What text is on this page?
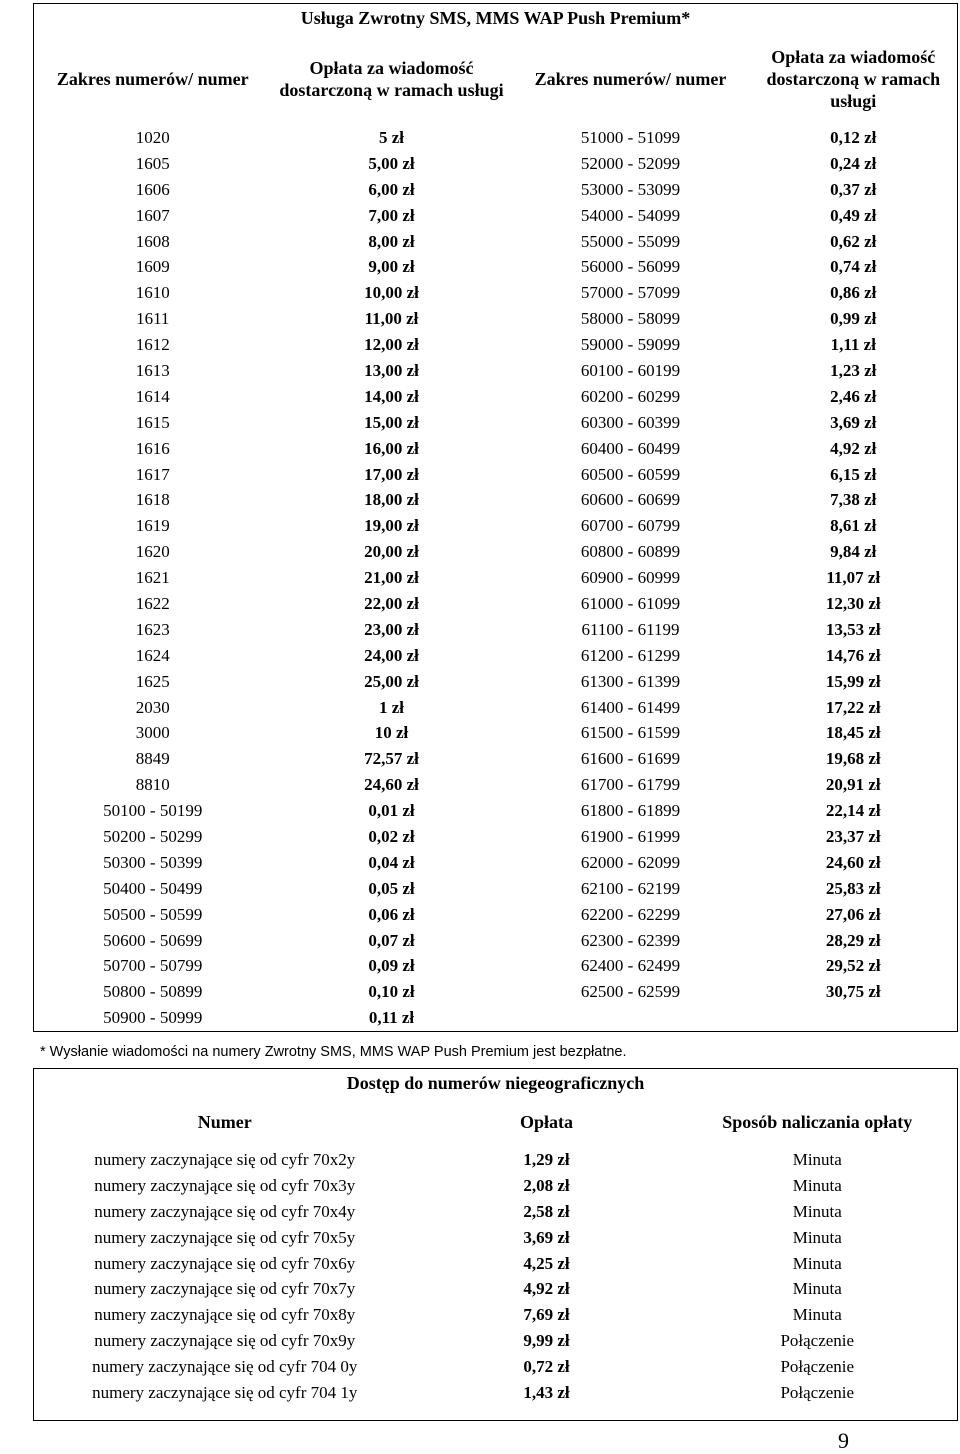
Usługa Zwrotny SMS, MMS WAP Push Premium*			
Zakres numerów/ numer	Opłata za wiadomość dostarczoną w ramach usługi	Zakres numerów/ numer	Opłata za wiadomość dostarczoną w ramach usługi
1020	5 zł	51000 - 51099	0,12 zł
1605	5,00 zł	52000 - 52099	0,24 zł
1606	6,00 zł	53000 - 53099	0,37 zł
1607	7,00 zł	54000 - 54099	0,49 zł
1608	8,00 zł	55000 - 55099	0,62 zł
1609	9,00 zł	56000 - 56099	0,74 zł
1610	10,00 zł	57000 - 57099	0,86 zł
1611	11,00 zł	58000 - 58099	0,99 zł
1612	12,00 zł	59000 - 59099	1,11 zł
1613	13,00 zł	60100 - 60199	1,23 zł
1614	14,00 zł	60200 - 60299	2,46 zł
1615	15,00 zł	60300 - 60399	3,69 zł
1616	16,00 zł	60400 - 60499	4,92 zł
1617	17,00 zł	60500 - 60599	6,15 zł
1618	18,00 zł	60600 - 60699	7,38 zł
1619	19,00 zł	60700 - 60799	8,61 zł
1620	20,00 zł	60800 - 60899	9,84 zł
1621	21,00 zł	60900 - 60999	11,07 zł
1622	22,00 zł	61000 - 61099	12,30 zł
1623	23,00 zł	61100 - 61199	13,53 zł
1624	24,00 zł	61200 - 61299	14,76 zł
1625	25,00 zł	61300 - 61399	15,99 zł
2030	1 zł	61400 - 61499	17,22 zł
3000	10 zł	61500 - 61599	18,45 zł
8849	72,57 zł	61600 - 61699	19,68 zł
8810	24,60 zł	61700 - 61799	20,91 zł
50100 - 50199	0,01 zł	61800 - 61899	22,14 zł
50200 - 50299	0,02 zł	61900 - 61999	23,37 zł
50300 - 50399	0,04 zł	62000 - 62099	24,60 zł
50400 - 50499	0,05 zł	62100 - 62199	25,83 zł
50500 - 50599	0,06 zł	62200 - 62299	27,06 zł
50600 - 50699	0,07 zł	62300 - 62399	28,29 zł
50700 - 50799	0,09 zł	62400 - 62499	29,52 zł
50800 - 50899	0,10 zł	62500 - 62599	30,75 zł
50900 - 50999	0,11 zł		
* Wysłanie wiadomości na numery Zwrotny SMS, MMS WAP Push Premium jest bezpłatne.
Dostęp do numerów niegeograficznych		
Numer	Opłata	Sposób naliczania opłaty
numery zaczynające się od cyfr 70x2y	1,29 zł	Minuta
numery zaczynające się od cyfr 70x3y	2,08 zł	Minuta
numery zaczynające się od cyfr 70x4y	2,58 zł	Minuta
numery zaczynające się od cyfr 70x5y	3,69 zł	Minuta
numery zaczynające się od cyfr 70x6y	4,25 zł	Minuta
numery zaczynające się od cyfr 70x7y	4,92 zł	Minuta
numery zaczynające się od cyfr 70x8y	7,69 zł	Minuta
numery zaczynające się od cyfr 70x9y	9,99 zł	Połączenie
numery zaczynające się od cyfr 704 0y	0,72 zł	Połączenie
numery zaczynające się od cyfr 704 1y	1,43 zł	Połączenie

9
